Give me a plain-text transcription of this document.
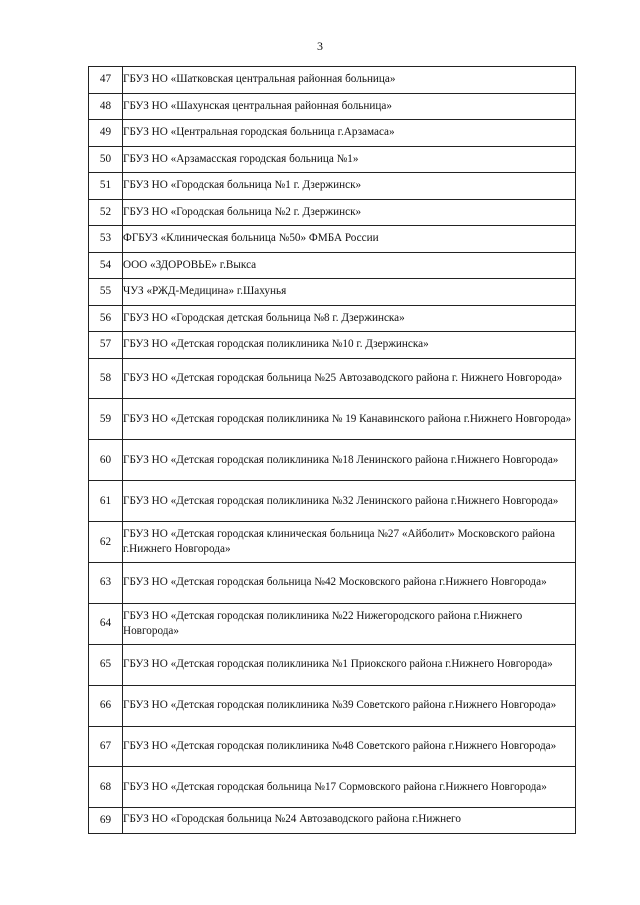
3
47	ГБУЗ НО «Шатковская центральная районная больница»
48	ГБУЗ НО «Шахунская центральная районная больница»
49	ГБУЗ НО «Центральная городская больница г.Арзамаса»
50	ГБУЗ НО «Арзамасская городская больница №1»
51	ГБУЗ НО «Городская больница №1 г. Дзержинск»
52	ГБУЗ НО «Городская больница №2 г. Дзержинск»
53	ФГБУЗ «Клиническая больница №50» ФМБА России
54	ООО «ЗДОРОВЬЕ» г.Выкса
55	ЧУЗ «РЖД-Медицина» г.Шахунья
56	ГБУЗ НО «Городская детская больница №8 г. Дзержинска»
57	ГБУЗ НО «Детская городская поликлиника №10 г. Дзержинска»
58	ГБУЗ НО «Детская городская больница №25 Автозаводского района г. Нижнего Новгорода»
59	ГБУЗ НО «Детская городская поликлиника № 19 Канавинского района г.Нижнего Новгорода»
60	ГБУЗ НО «Детская городская поликлиника №18 Ленинского района г.Нижнего Новгорода»
61	ГБУЗ НО «Детская городская поликлиника №32 Ленинского района г.Нижнего Новгорода»
62	ГБУЗ НО «Детская городская клиническая больница №27 «Айболит» Московского района г.Нижнего Новгорода»
63	ГБУЗ НО «Детская городская больница №42 Московского района г.Нижнего Новгорода»
64	ГБУЗ НО «Детская городская поликлиника №22 Нижегородского района г.Нижнего Новгорода»
65	ГБУЗ НО «Детская городская поликлиника №1 Приокского района г.Нижнего Новгорода»
66	ГБУЗ НО «Детская городская поликлиника №39 Советского района г.Нижнего Новгорода»
67	ГБУЗ НО «Детская городская поликлиника №48 Советского района г.Нижнего Новгорода»
68	ГБУЗ НО «Детская городская больница №17 Сормовского района г.Нижнего Новгорода»
69	ГБУЗ НО «Городская больница №24 Автозаводского района г.Нижнего
